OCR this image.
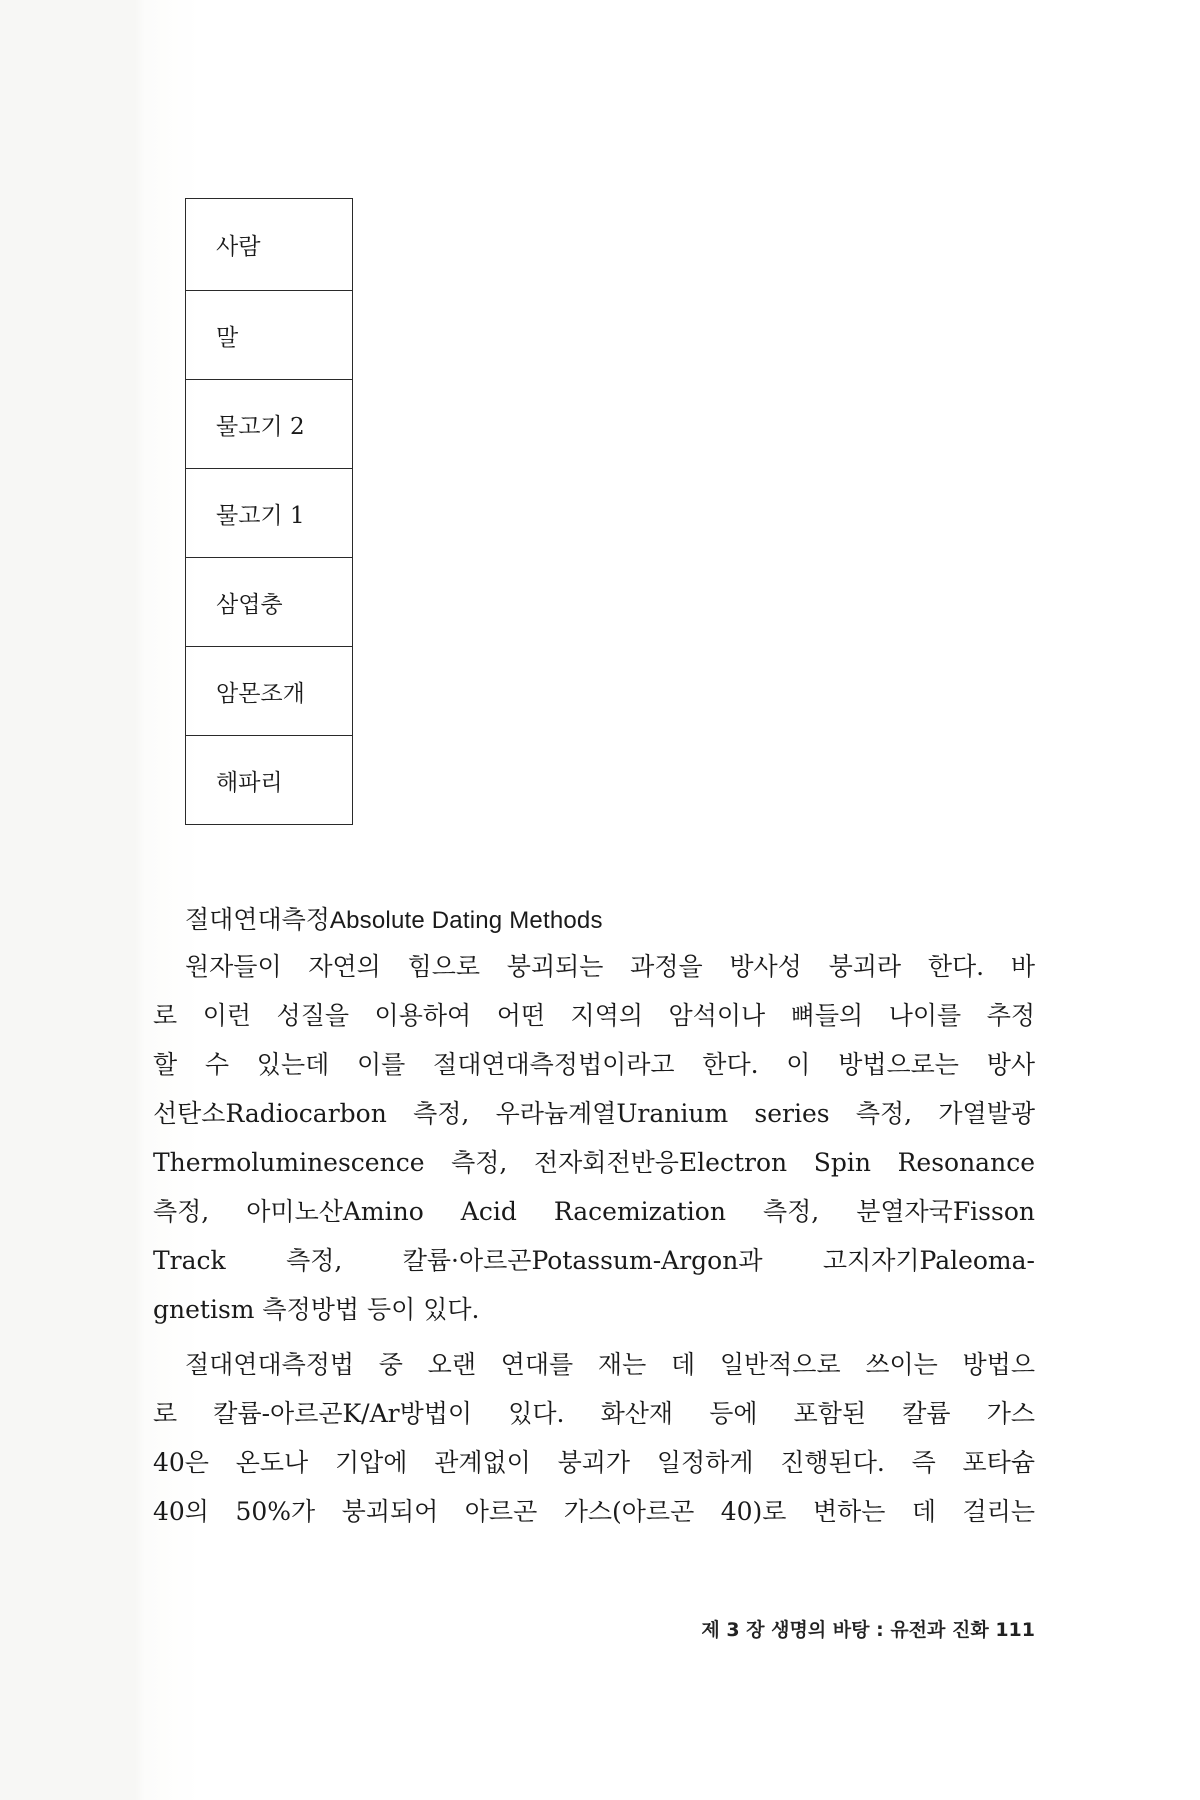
사람
말
물고기 2
물고기 1
삼엽충
암몬조개
해파리
절대연대측정Absolute Dating Methods
원자들이 자연의 힘으로 붕괴되는 과정을 방사성 붕괴라 한다. 바
로 이런 성질을 이용하여 어떤 지역의 암석이나 뼈들의 나이를 추정
할 수 있는데 이를 절대연대측정법이라고 한다. 이 방법으로는 방사
선탄소Radiocarbon 측정, 우라늄계열Uranium series 측정, 가열발광
Thermoluminescence 측정, 전자회전반응Electron Spin Resonance
측정, 아미노산Amino Acid Racemization 측정, 분열자국Fisson
Track 측정, 칼륨·아르곤Potassum-Argon과 고지자기Paleoma-
gnetism 측정방법 등이 있다.
절대연대측정법 중 오랜 연대를 재는 데 일반적으로 쓰이는 방법으
로 칼륨-아르곤K/Ar방법이 있다. 화산재 등에 포함된 칼륨 가스
40은 온도나 기압에 관계없이 붕괴가 일정하게 진행된다. 즉 포타슘
40의 50%가 붕괴되어 아르곤 가스(아르곤 40)로 변하는 데 걸리는
제 3 장 생명의 바탕 : 유전과 진화 111
